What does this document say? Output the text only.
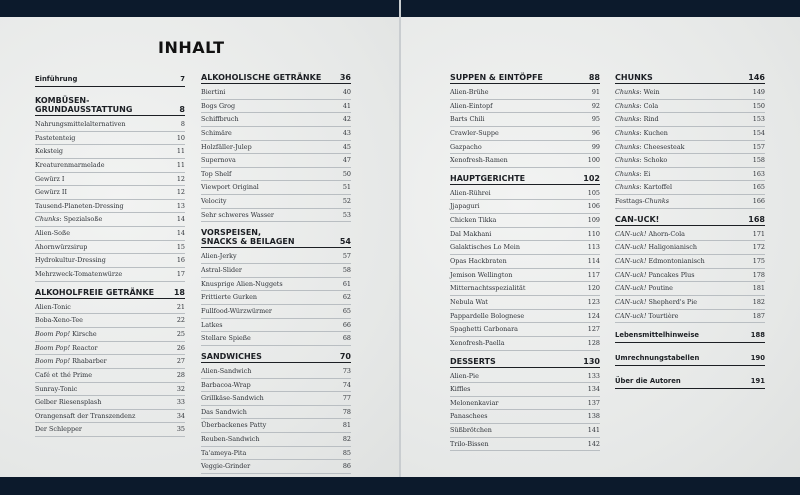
INHALT
Einführung	7
KOMBÜSEN-
GRUNDAUSSTATTUNG	8
Nahrungsmittelalternativen	8
Pastetenteig	10
Keksteig	11
Kreaturenmarmelade	11
Gewürz I	12
Gewürz II	12
Tausend-Planeten-Dressing	13
Chunks: Spezialsoße	14
Alien-Soße	14
Ahornwürzsirup	15
Hydrokultur-Dressing	16
Mehrzweck-Tomatenwürze	17
ALKOHOLFREIE GETRÄNKE 18
Alien-Tonic	21
Boba-Xeno-Tee	22
Boom Pop! Kirsche	25
Boom Pop! Reactor	26
Boom Pop! Rhabarber	27
Café et thé Prime	28
Sunray-Tonic	32
Gelber Riesensplash	33
Orangensaft der Transzendenz	34
Der Schlepper	35
ALKOHOLISCHE GETRÄNKE 36
Biertini	40
Bogs Grog	41
Schiffbruch	42
Schimäre	43
Holzfäller-Julep	45
Supernova	47
Top Shelf	50
Viewport Original	51
Velocity	52
Sehr schweres Wasser	53
VORSPEISEN,
SNACKS & BEILAGEN	54
Alien-Jerky	57
Astral-Slider	58
Knusprige Alien-Nuggets	61
Frittierte Gurken	62
Fullfood-Würzwürmer	65
Latkes	66
Stellare Spieße	68
SANDWICHES	70
Alien-Sandwich	73
Barbacoa-Wrap	74
Grillkäse-Sandwich	77
Das Sandwich	78
Überbackenes Patty	81
Reuben-Sandwich	82
Ta'ameya-Pita	85
Veggie-Grinder	86
SUPPEN & EINTÖPFE	88
Alien-Brühe	91
Alien-Eintopf	92
Barts Chili	95
Crawler-Suppe	96
Gazpacho	99
Xenofresh-Ramen	100
HAUPTGERICHTE	102
Alien-Rührei	105
Jjapaguri	106
Chicken Tikka	109
Dal Makhani	110
Galaktisches Lo Mein	113
Opas Hackbraten	114
Jemison Wellington	117
Mitternachtsspezialität	120
Nebula Wat	123
Pappardelle Bolognese	124
Spaghetti Carbonara	127
Xenofresh-Paella	128
DESSERTS	130
Alien-Pie	133
Kiffles	134
Melonenkaviar	137
Panaschees	138
Süßbrötchen	141
Trilo-Bissen	142
CHUNKS	146
Chunks: Wein	149
Chunks: Cola	150
Chunks: Rind	153
Chunks: Kuchen	154
Chunks: Cheesesteak	157
Chunks: Schoko	158
Chunks: Ei	163
Chunks: Kartoffel	165
Festtags-Chunks	166
CAN-UCK!	168
CAN-uck! Ahorn-Cola	171
CAN-uck! Haligonianisch	172
CAN-uck! Edmontonianisch	175
CAN-uck! Pancakes Plus	178
CAN-uck! Poutine	181
CAN-uck! Shepherd's Pie	182
CAN-uck! Tourtière	187
Lebensmittelhinweise	188
Umrechnungstabellen	190
Über die Autoren	191
